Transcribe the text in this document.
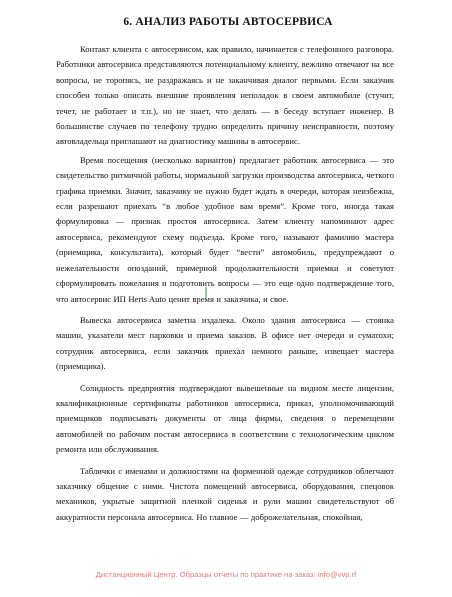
6. АНАЛИЗ РАБОТЫ АВТОСЕРВИСА

Контакт клиента с автосервисом, как правило, начинается с телефонного разговора. Работники автосервиса представляются потенциальному клиенту, вежливо отвечают на все вопросы, не торопясь, не раздражаясь и не заканчивая диалог первыми. Если заказчик способен только описать внешние проявления неполадок в своем автомобиле (стучит, течет, не работает и т.п.), но не знает, что делать — в беседу вступает инженер. В большинстве случаев по телефону трудно определить причину неисправности, поэтому автовладельца приглашают на диагностику машины в автосервис.

Время посещения (несколько вариантов) предлагает работник автосервиса — это свидетельство ритмичной работы, нормальной загрузки производства автосервиса, четкого графика приемки. Значит, заказчику не нужно будет ждать в очереди, которая неизбежна, если разрешают приехать “в любое удобное вам время”. Кроме того, иногда такая формулировка — признак простоя автосервиса. Затем клиенту напоминают адрес автосервиса, рекомендуют схему подъезда. Кроме того, называют фамилию мастера (приемщика, консультанта), который будет “вести” автомобиль, предупреждают о нежелательности опозданий, примерной продолжительности приемки и советуют сформулировать пожелания и подготовить вопросы — это еще одно подтверждение того, что автосервис ИП Herts Auto ценит время и заказчика, и свое.

Вывеска автосервиса заметна издалека. Около здания автосервиса — стоянка машин, указатели мест парковки и приема заказов. В офисе нет очереди и суматохи; сотрудник автосервиса, если заказчик приехал немного раньше, извещает мастера (приемщика).

Солидность предприятия подтверждают вывешенные на видном месте лицензии, квалификационные сертификаты работников автосервиса, приказ, уполномочивающий приемщиков подписывать документы от лица фирмы, сведения о перемещении автомобилей по рабочим постам автосервиса в соответствии с технологическим циклом ремонта или обслуживания.

Таблички с именами и должностями на форменной одежде сотрудников облегчают заказчику общение с ними. Чистота помещений автосервиса, оборудования, спецовок механиков, укрытые защитной пленкой сиденья и рули машин свидетельствуют об аккуратности персонала автосервиса. Но главное — доброжелательная, спокойная,

Дистанционный Центр. Образцы отчеты по практике на заказ: info@vvp.rf
